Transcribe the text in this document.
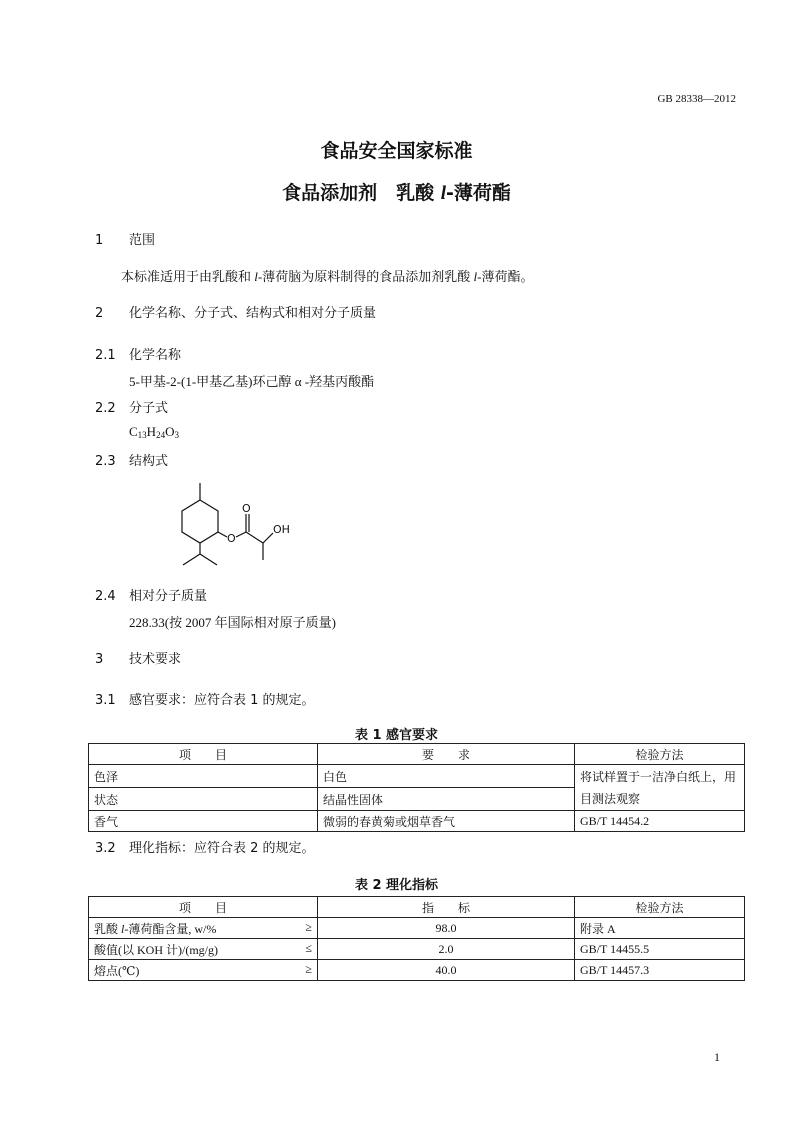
GB 28338—2012
食品安全国家标准
食品添加剂　乳酸 l-薄荷酯
1 范围
本标准适用于由乳酸和 l-薄荷脑为原料制得的食品添加剂乳酸 l-薄荷酯。
2 化学名称、分子式、结构式和相对分子质量
2.1 化学名称
5-甲基-2-(1-甲基乙基)环己醇 α -羟基丙酸酯
2.2 分子式
$C_{13}H_{24}O_3$
2.3 结构式
O
O
OH
2.4 相对分子质量
228.33(按 2007 年国际相对原子质量)
3 技术要求
3.1 感官要求：应符合表 1 的规定。
表 1 感官要求
项　　目	要　　求	检验方法
色泽	白色	将试样置于一洁净白纸上，用目测法观察
状态	结晶性固体	
香气	微弱的春黄菊或烟草香气	GB/T 14454.2
3.2 理化指标：应符合表 2 的规定。
表 2 理化指标
项　　目	指　　标	检验方法
乳酸 l-薄荷酯含量, w/% ≥	98.0	附录 A
酸值(以 KOH 计)/(mg/g) ≤	2.0	GB/T 14455.5
熔点(℃) ≥	40.0	GB/T 14457.3
1
